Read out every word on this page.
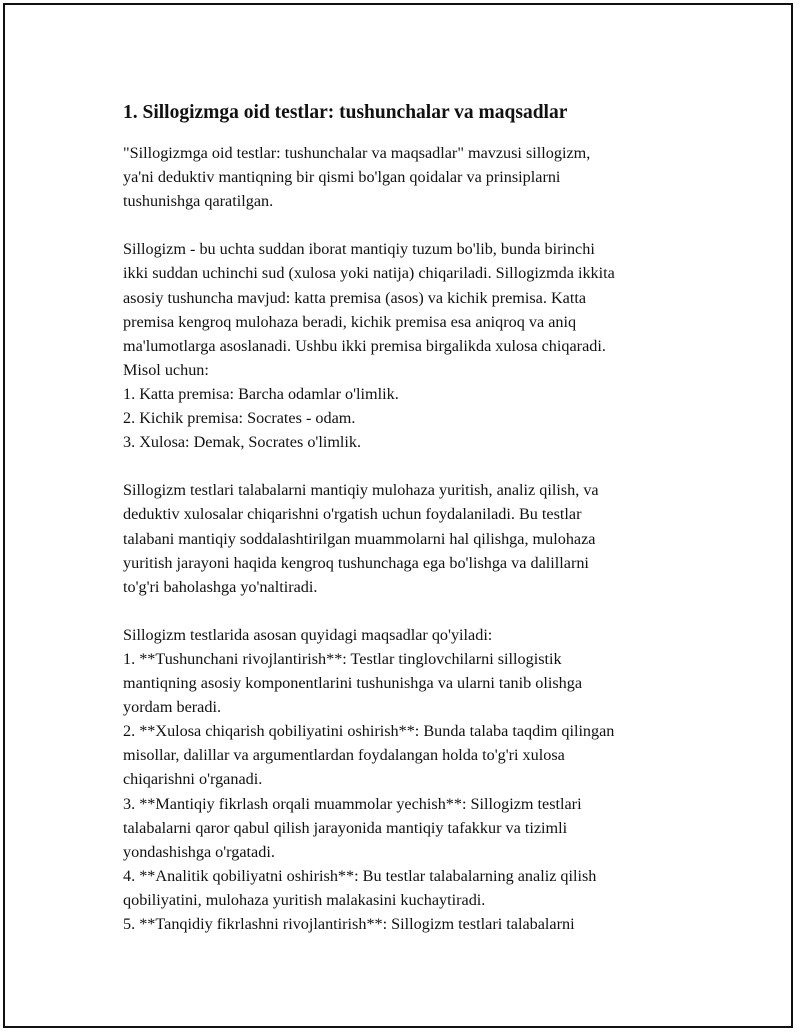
1. Sillogizmga oid testlar: tushunchalar va maqsadlar
"Sillogizmga oid testlar: tushunchalar va maqsadlar" mavzusi sillogizm,
ya'ni deduktiv mantiqning bir qismi bo'lgan qoidalar va prinsiplarni
tushunishga qaratilgan.
Sillogizm - bu uchta suddan iborat mantiqiy tuzum bo'lib, bunda birinchi
ikki suddan uchinchi sud (xulosa yoki natija) chiqariladi. Sillogizmda ikkita
asosiy tushuncha mavjud: katta premisa (asos) va kichik premisa. Katta
premisa kengroq mulohaza beradi, kichik premisa esa aniqroq va aniq
ma'lumotlarga asoslanadi. Ushbu ikki premisa birgalikda xulosa chiqaradi.
Misol uchun:
1. Katta premisa: Barcha odamlar o'limlik.
2. Kichik premisa: Socrates - odam.
3. Xulosa: Demak, Socrates o'limlik.
Sillogizm testlari talabalarni mantiqiy mulohaza yuritish, analiz qilish, va
deduktiv xulosalar chiqarishni o'rgatish uchun foydalaniladi. Bu testlar
talabani mantiqiy soddalashtirilgan muammolarni hal qilishga, mulohaza
yuritish jarayoni haqida kengroq tushunchaga ega bo'lishga va dalillarni
to'g'ri baholashga yo'naltiradi.
Sillogizm testlarida asosan quyidagi maqsadlar qo'yiladi:
1. **Tushunchani rivojlantirish**: Testlar tinglovchilarni sillogistik
mantiqning asosiy komponentlarini tushunishga va ularni tanib olishga
yordam beradi.
2. **Xulosa chiqarish qobiliyatini oshirish**: Bunda talaba taqdim qilingan
misollar, dalillar va argumentlardan foydalangan holda to'g'ri xulosa
chiqarishni o'rganadi.
3. **Mantiqiy fikrlash orqali muammolar yechish**: Sillogizm testlari
talabalarni qaror qabul qilish jarayonida mantiqiy tafakkur va tizimli
yondashishga o'rgatadi.
4. **Analitik qobiliyatni oshirish**: Bu testlar talabalarning analiz qilish
qobiliyatini, mulohaza yuritish malakasini kuchaytiradi.
5. **Tanqidiy fikrlashni rivojlantirish**: Sillogizm testlari talabalarni
